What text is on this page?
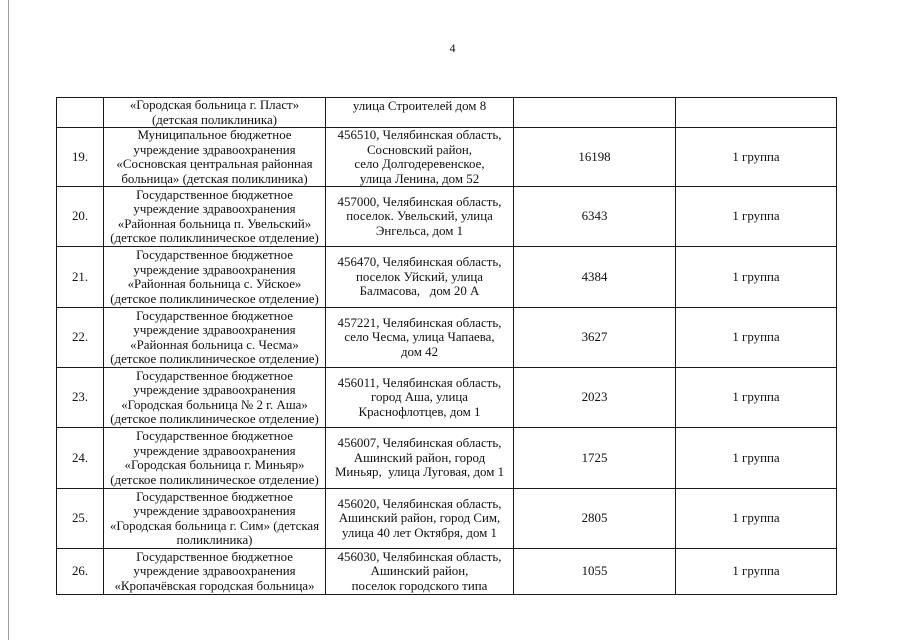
4

	«Городская больница г. Пласт»
(детская поликлиника)	улица Строителей дом 8		

19.	Муниципальное бюджетное
учреждение здравоохранения
«Сосновская центральная районная
больница» (детская поликлиника)	456510, Челябинская область,
Сосновский район,
село Долгодеревенское,
улица Ленина, дом 52	16198	1 группа
20.	Государственное бюджетное
учреждение здравоохранения
«Районная больница п. Увельский»
(детское поликлиническое отделение)	457000, Челябинская область,
поселок. Увельский, улица
Энгельса, дом 1	6343	1 группа
21.	Государственное бюджетное
учреждение здравоохранения
«Районная больница с. Уйское»
(детское поликлиническое отделение)	456470, Челябинская область,
поселок Уйский, улица
Балмасова,   дом 20 А	4384	1 группа
22.	Государственное бюджетное
учреждение здравоохранения
«Районная больница с. Чесма»
(детское поликлиническое отделение)	457221, Челябинская область,
село Чесма, улица Чапаева,
дом 42	3627	1 группа
23.	Государственное бюджетное
учреждение здравоохранения
«Городская больница № 2 г. Аша»
(детское поликлиническое отделение)	456011, Челябинская область,
город Аша, улица
Краснофлотцев, дом 1	2023	1 группа
24.	Государственное бюджетное
учреждение здравоохранения
«Городская больница г. Миньяр»
(детское поликлиническое отделение)	456007, Челябинская область,
Ашинский район, город
Миньяр,  улица Луговая, дом 1	1725	1 группа
25.	Государственное бюджетное
учреждение здравоохранения
«Городская больница г. Сим» (детская
поликлиника)	456020, Челябинская область,
Ашинский район, город Сим,
улица 40 лет Октября, дом 1	2805	1 группа
26.	Государственное бюджетное
учреждение здравоохранения
«Кропачёвская городская больница»	456030, Челябинская область,
Ашинский район,
поселок городского типа	1055	1 группа
